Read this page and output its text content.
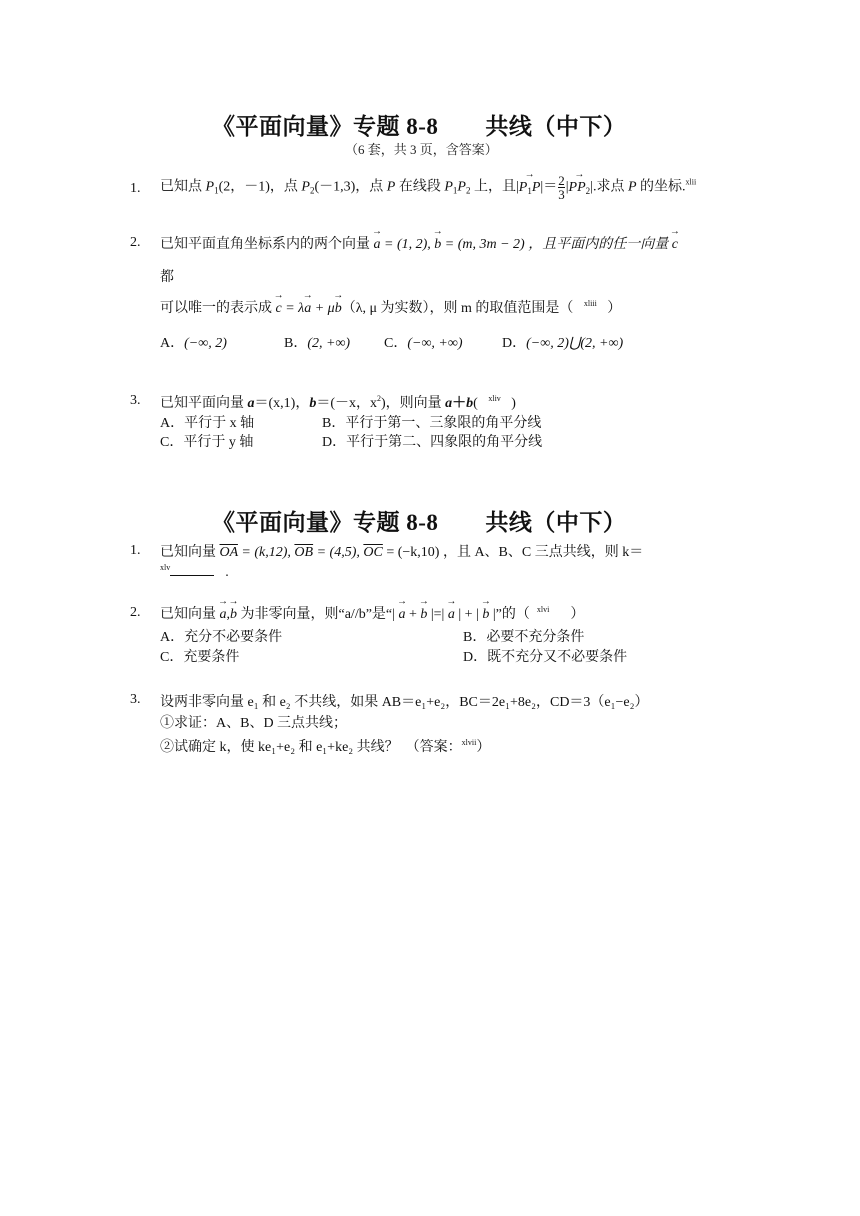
《平面向量》专题 8-8　　共线（中下）
（6 套，共 3 页，含答案）
1. 已知点 $P_1(2$，－1)，点 $P_2(-1,3)$，点 P 在线段 $P_1P_2$ 上，且|→ $P_1P|= \frac{2}{3}$ |→ $PP_2|$.求点 P 的坐标.$^{xlii}$
2. 已知平面直角坐标系内的两个向量 → a = (1, 2), → b = (m, 3m − 2) ，且平面内的任一向量 → c
都
可以唯一的表示成 → c = λ→ a + μ→ b（λ, μ 为实数），则 m 的取值范围是（ $^{xliii}$ ）
A．(−∞, 2)	B．(2, +∞) C．(−∞, +∞)	D．(−∞, 2)⋃(2, +∞)
3. 已知平面向量 a＝(x,1)，b＝(－x，$x^2$)，则向量 a＋b( $^{xliv}$ )
A．平行于 x 轴	B．平行于第一、三象限的角平分线
C．平行于 y 轴	D．平行于第二、四象限的角平分线
《平面向量》专题 8-8　　共线（中下）
1. 已知向量 $\overline{OA} = (k,12)$, $\overline{OB} = (4,5)$, $\overline{OC} = (-k,10)$ ，且 A、B、C 三点共线，则 k＝
$^{xlv}$	.
2. 已知向量 → a,→ b 为非零向量，则“a//b”是“| → a + → b |=| → a | + | → b |”的（ $^{xlvi}$ ）
A．充分不必要条件	B．必要不充分条件
C．充要条件	D．既不充分又不必要条件
3. 设两非零向量 e₁ 和 e₂ 不共线，如果 AB＝e₁+e₂，BC＝2e₁+8e₂，CD＝3（e₁−e₂）
①求证：A、B、D 三点共线；
②试确定 k，使 ke₁+e₂ 和 e₁+ke₂ 共线？　（答案：$^{xlvii}$）
